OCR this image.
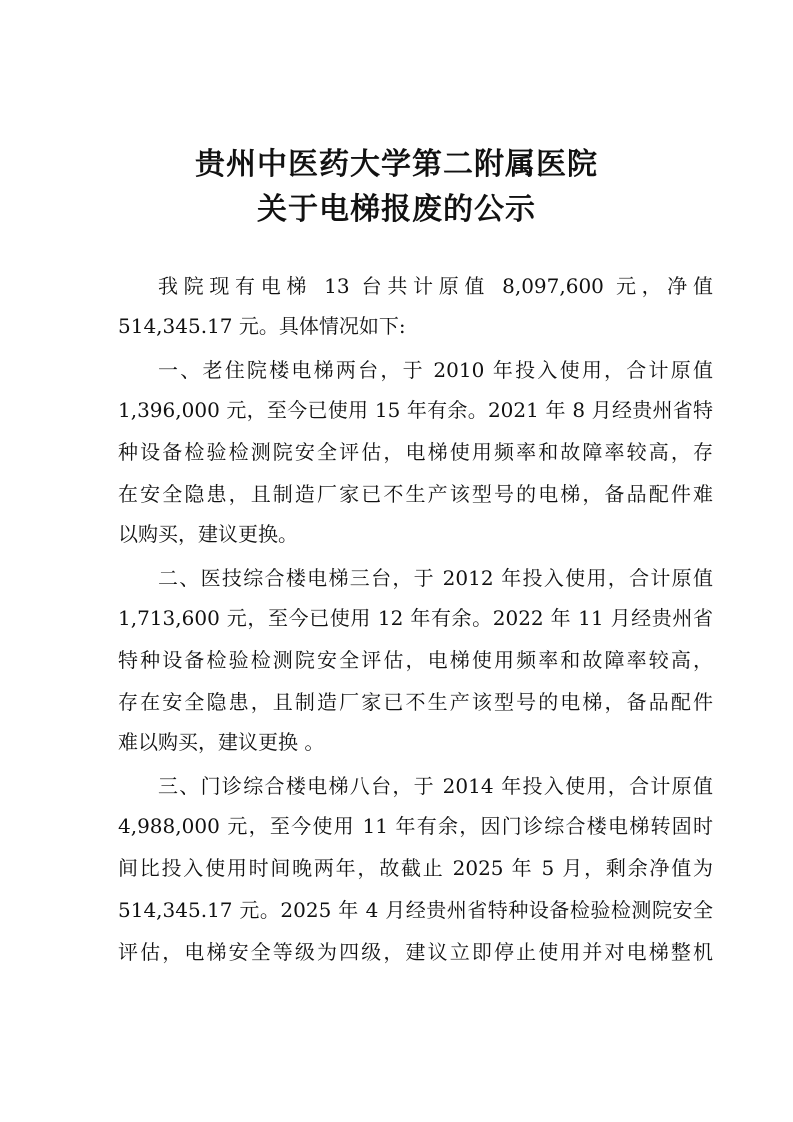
贵州中医药大学第二附属医院
关于电梯报废的公示
我院现有电梯 13 台共计原值 8,097,600 元，净值
514,345.17 元。具体情况如下:
一、老住院楼电梯两台，于 2010 年投入使用，合计原值
1,396,000 元，至今已使用 15 年有余。2021 年 8 月经贵州省特
种设备检验检测院安全评估，电梯使用频率和故障率较高，存
在安全隐患，且制造厂家已不生产该型号的电梯，备品配件难
以购买，建议更换。
二、医技综合楼电梯三台，于 2012 年投入使用，合计原值
1,713,600 元，至今已使用 12 年有余。2022 年 11 月经贵州省
特种设备检验检测院安全评估，电梯使用频率和故障率较高，
存在安全隐患，且制造厂家已不生产该型号的电梯，备品配件
难以购买，建议更换 。
三、门诊综合楼电梯八台，于 2014 年投入使用，合计原值
4,988,000 元，至今使用 11 年有余，因门诊综合楼电梯转固时
间比投入使用时间晚两年，故截止 2025 年 5 月，剩余净值为
514,345.17 元。2025 年 4 月经贵州省特种设备检验检测院安全
评估，电梯安全等级为四级，建议立即停止使用并对电梯整机
